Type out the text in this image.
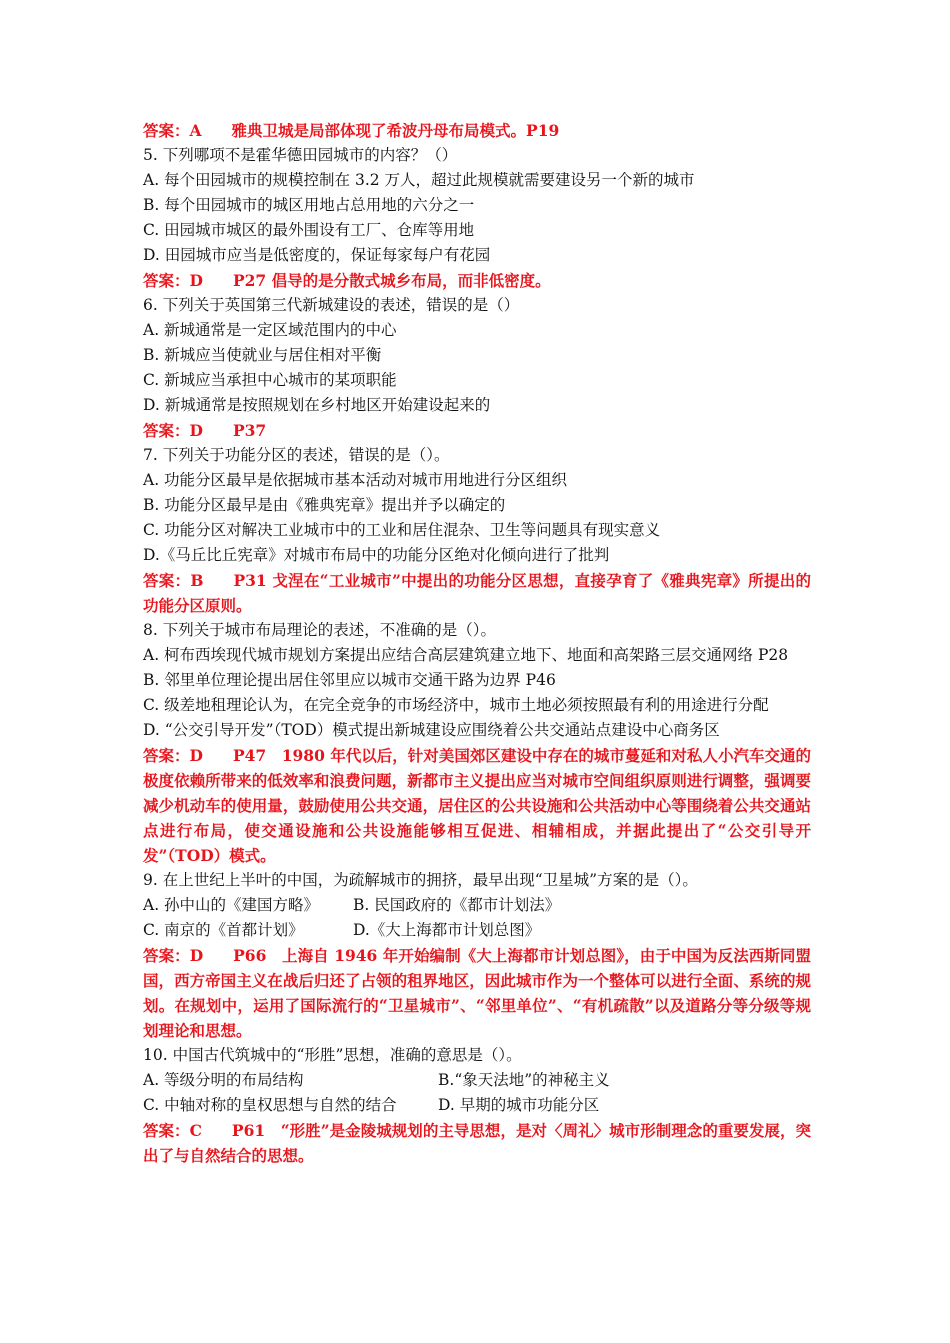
答案：A 雅典卫城是局部体现了希波丹母布局模式。P19
5. 下列哪项不是霍华德田园城市的内容？（）
A. 每个田园城市的规模控制在 3.2 万人，超过此规模就需要建设另一个新的城市
B. 每个田园城市的城区用地占总用地的六分之一
C. 田园城市城区的最外围设有工厂、仓库等用地
D. 田园城市应当是低密度的，保证每家每户有花园
答案：D P27 倡导的是分散式城乡布局，而非低密度。
6. 下列关于英国第三代新城建设的表述，错误的是（）
A. 新城通常是一定区域范围内的中心
B. 新城应当使就业与居住相对平衡
C. 新城应当承担中心城市的某项职能
D. 新城通常是按照规划在乡村地区开始建设起来的
答案：D P37
7. 下列关于功能分区的表述，错误的是（）。
A. 功能分区最早是依据城市基本活动对城市用地进行分区组织
B. 功能分区最早是由《雅典宪章》提出并予以确定的
C. 功能分区对解决工业城市中的工业和居住混杂、卫生等问题具有现实意义
D.《马丘比丘宪章》对城市布局中的功能分区绝对化倾向进行了批判
答案：B P31 戈涅在“工业城市”中提出的功能分区思想，直接孕育了《雅典宪章》所提出的功能分区原则。
8. 下列关于城市布局理论的表述，不准确的是（）。
A. 柯布西埃现代城市规划方案提出应结合高层建筑建立地下、地面和高架路三层交通网络 P28
B. 邻里单位理论提出居住邻里应以城市交通干路为边界 P46
C. 级差地租理论认为，在完全竞争的市场经济中，城市土地必须按照最有利的用途进行分配
D. “公交引导开发”（TOD）模式提出新城建设应围绕着公共交通站点建设中心商务区
答案：D P47　1980 年代以后，针对美国郊区建设中存在的城市蔓延和对私人小汽车交通的极度依赖所带来的低效率和浪费问题，新都市主义提出应当对城市空间组织原则进行调整，强调要减少机动车的使用量，鼓励使用公共交通，居住区的公共设施和公共活动中心等围绕着公共交通站点进行布局，使交通设施和公共设施能够相互促进、相辅相成，并据此提出了“公交引导开发”（TOD）模式。
9. 在上世纪上半叶的中国，为疏解城市的拥挤，最早出现“卫星城”方案的是（）。
A. 孙中山的《建国方略》 B. 民国政府的《都市计划法》
C. 南京的《首都计划》	D.《大上海都市计划总图》
答案：D P66　上海自 1946 年开始编制《大上海都市计划总图》，由于中国为反法西斯同盟国，西方帝国主义在战后归还了占领的租界地区，因此城市作为一个整体可以进行全面、系统的规划。在规划中，运用了国际流行的“卫星城市”、“邻里单位”、“有机疏散”以及道路分等分级等规划理论和思想。
10. 中国古代筑城中的“形胜”思想，准确的意思是（）。
A. 等级分明的布局结构	B.“象天法地”的神秘主义
C. 中轴对称的皇权思想与自然的结合	D. 早期的城市功能分区
答案：C P61　“形胜”是金陵城规划的主导思想，是对〈周礼〉城市形制理念的重要发展，突出了与自然结合的思想。
